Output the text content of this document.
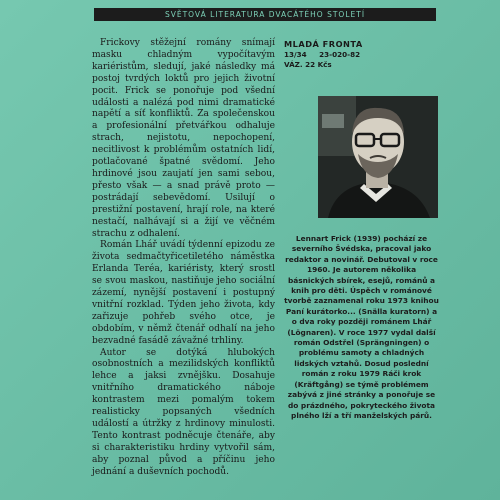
SVĚTOVÁ LITERATURA DVACÁTÉHO STOLETÍ

Frickovy stěžejní romány snímají masku chladným vypočítavým kariéristům, sledují, jaké následky má postoj tvrdých loktů pro jejich životní pocit. Frick se ponořuje pod všední události a nalézá pod nimi dramatické napětí a síť konfliktů. Za společenskou a profesionální přetvářkou odhaluje strach, nejistotu, nepochopení, necitlivost k problémům ostatních lidí, potlačované špatné svědomí. Jeho hrdinové jsou zaujatí jen sami sebou, přesto však — a snad právě proto — postrádají sebevědomí. Usilují o prestižní postavení, hrají role, na které nestačí, nalhávají si a žijí ve věčném strachu z odhalení.

Román Lhář uvádí týdenní epizodu ze života sedmačtyřicetiletého náměstka Erlanda Teréa, kariéristy, který srostl se svou maskou, nastiňuje jeho sociální zázemí, nynější postavení i postupný vnitřní rozklad. Týden jeho života, kdy zařizuje pohřeb svého otce, je obdobím, v němž čtenář odhalí na jeho bezvadné fasádě závažné trhliny.

Autor se dotýká hlubokých osobnostních a mezilidských konfliktů lehce a jaksi zvnějšku. Dosahuje vnitřního dramatického náboje kontrastem mezi pomalým tokem realisticky popsaných všedních událostí a útržky z hrdinovy minulosti. Tento kontrast podněcuje čtenáře, aby si charakteristiku hrdiny vytvořil sám, aby poznal původ a příčinu jeho jednání a duševních pochodů.

MLADÁ FRONTA
13/34     23-020-82
VÁZ. 22 Kčs
Lennart Frick (1939) pochází ze severního Švédska, pracoval jako redaktor a novinář. Debutoval v roce 1960. Je autorem několika básnických sbírek, esejů, románů a knih pro děti. Úspěch v románové tvorbě zaznamenal roku 1973 knihou Paní kurátorko... (Snälla kuratorn) a o dva roky později románem Lhář (Lögnaren). V roce 1977 vydal další román Odstřel (Sprängningen) o problému samoty a chladných lidských vztahů. Dosud poslední román z roku 1979 Ráči krok (Kräftgång) se týmě problémem zabývá z jiné stránky a ponořuje se do prázdného, pokryteckého života plného lží a tří manželských párů.
